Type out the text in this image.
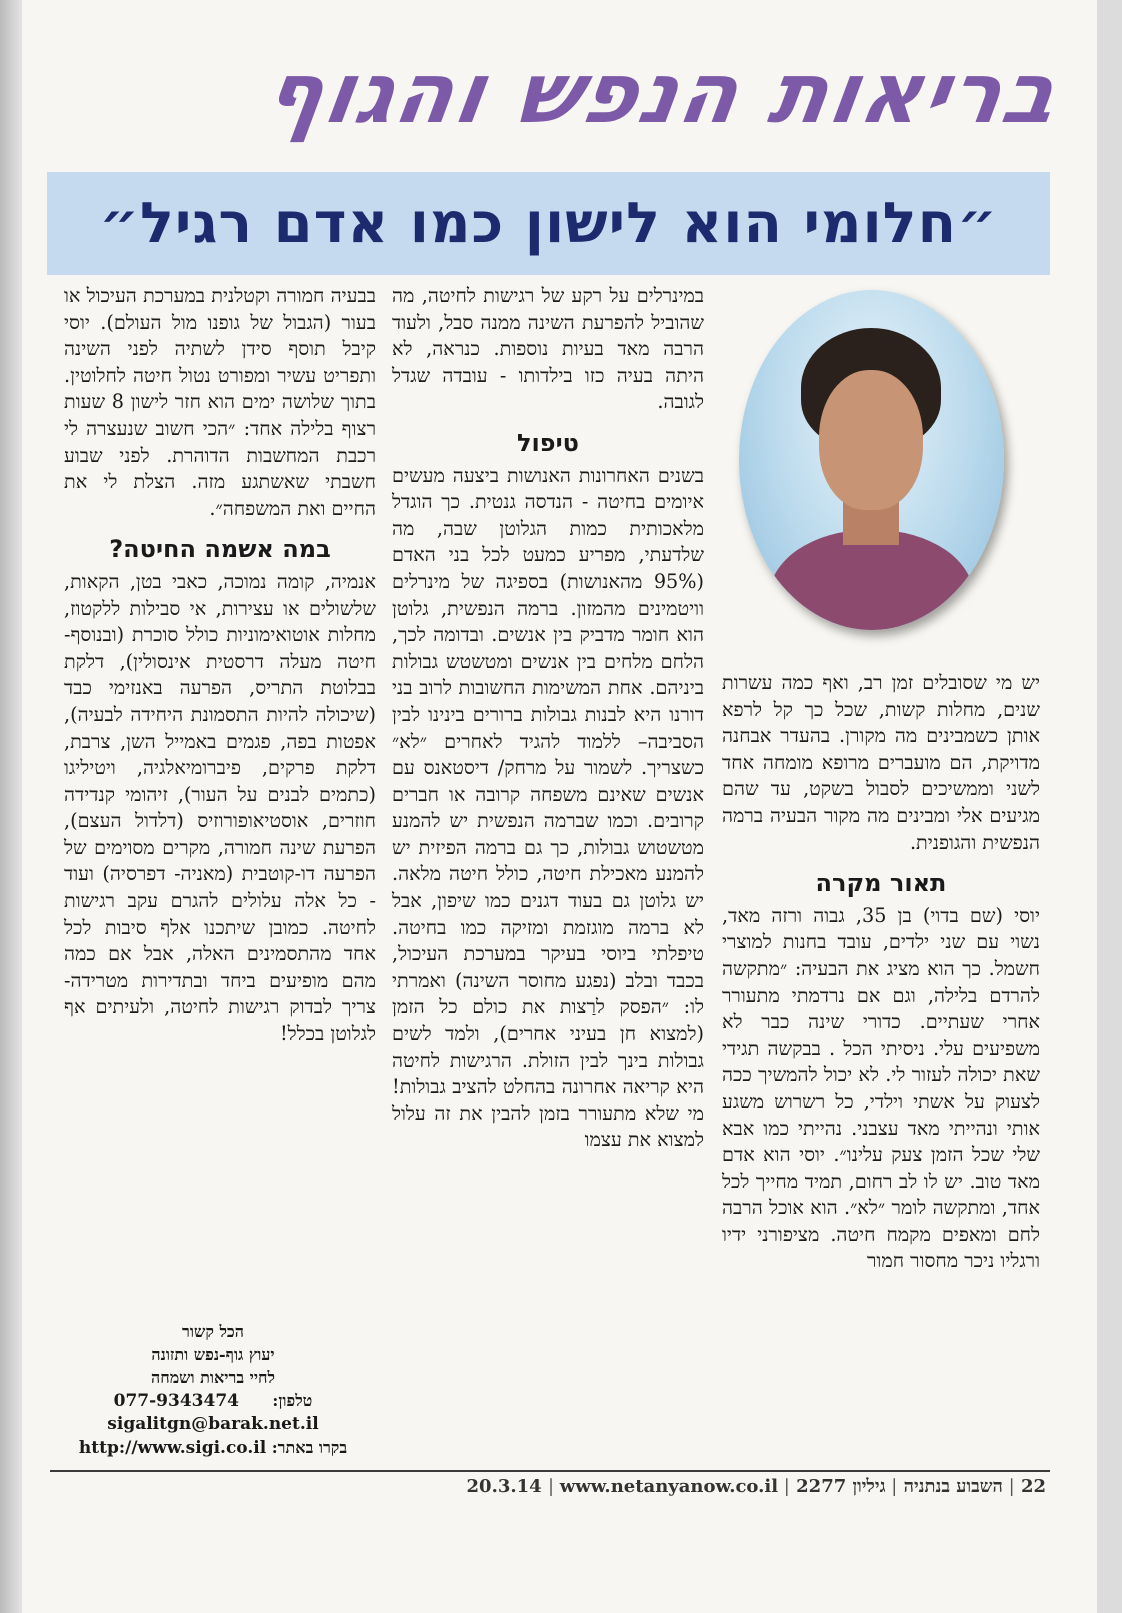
בריאות הנפש והגוף
״חלומי הוא לישון כמו אדם רגיל״

יש מי שסובלים זמן רב, ואף כמה עשרות שנים, מחלות קשות, שכל כך קל לרפא אותן כשמבינים מה מקורן. בהעדר אבחנה מדויקת, הם מועברים מרופא מומחה אחד לשני וממשיכים לסבול בשקט, עד שהם מגיעים אלי ומבינים מה מקור הבעיה ברמה הנפשית והגופנית.

תאור מקרה

יוסי (שם בדוי) בן 35, גבוה ורזה מאד, נשוי עם שני ילדים, עובד בחנות למוצרי חשמל. כך הוא מציג את הבעיה: ״מתקשה להרדם בלילה, וגם אם נרדמתי מתעורר אחרי שעתיים. כדורי שינה כבר לא משפיעים עלי. ניסיתי הכל . בבקשה תגידי שאת יכולה לעזור לי. לא יכול להמשיך ככה לצעוק על אשתי וילדי, כל רשרוש משגע אותי ונהייתי מאד עצבני. נהייתי כמו אבא שלי שכל הזמן צעק עלינו״. יוסי הוא אדם מאד טוב. יש לו לב רחום, תמיד מחייך לכל אחד, ומתקשה לומר ״לא״. הוא אוכל הרבה לחם ומאפים מקמח חיטה. מציפורני ידיו ורגליו ניכר מחסור חמור

במינרלים על רקע של רגישות לחיטה, מה שהוביל להפרעת השינה ממנה סבל, ולעוד הרבה מאד בעיות נוספות. כנראה, לא היתה בעיה כזו בילדותו - עובדה שגדל לגובה.

טיפול

בשנים האחרונות האנושות ביצעה מעשים איומים בחיטה - הנדסה גנטית. כך הוגדל מלאכותית כמות הגלוטן שבה, מה שלדעתי, מפריע כמעט לכל בני האדם (95% מהאנושות) בספיגה של מינרלים וויטמינים מהמזון. ברמה הנפשית, גלוטן הוא חומר מדביק בין אנשים. ובדומה לכך, הלחם מלחים בין אנשים ומטשטש גבולות ביניהם. אחת המשימות החשובות לרוב בני דורנו היא לבנות גבולות ברורים בינינו לבין הסביבה– ללמוד להגיד לאחרים ״לא״ כשצריך. לשמור על מרחק/ דיסטאנס עם אנשים שאינם משפחה קרובה או חברים קרובים. וכמו שברמה הנפשית יש להמנע מטשטוש גבולות, כך גם ברמה הפיזית יש להמנע מאכילת חיטה, כולל חיטה מלאה. יש גלוטן גם בעוד דגנים כמו שיפון, אבל לא ברמה מוגזמת ומזיקה כמו בחיטה. טיפלתי ביוסי בעיקר במערכת העיכול, בכבד ובלב (נפגע מחוסר השינה) ואמרתי לו: ״הפסק לרַצות את כולם כל הזמן (למצוא חן בעיני אחרים), ולמד לשים גבולות בינך לבין הזולת. הרגישות לחיטה היא קריאה אחרונה בהחלט להציב גבולות! מי שלא מתעורר בזמן להבין את זה עלול למצוא את עצמו

בבעיה חמורה וקטלנית במערכת העיכול או בעור (הגבול של גופנו מול העולם). יוסי קיבל תוסף סידן לשתיה לפני השינה ותפריט עשיר ומפורט נטול חיטה לחלוטין. בתוך שלושה ימים הוא חזר לישון 8 שעות רצוף בלילה אחד: ״הכי חשוב שנעצרה לי רכבת המחשבות הדוהרת. לפני שבוע חשבתי שאשתגע מזה. הצלת לי את החיים ואת המשפחה״.

במה אשמה החיטה?

אנמיה, קומה נמוכה, כאבי בטן, הקאות, שלשולים או עצירות, אי סבילות ללקטוז, מחלות אוטואימוניות כולל סוכרת (ובנוסף- חיטה מעלה דרסטית אינסולין), דלקת בבלוטת התריס, הפרעה באנזימי כבד (שיכולה להיות התסמונת היחידה לבעיה), אפטות בפה, פגמים באמייל השן, צרבת, דלקת פרקים, פיברומיאלגיה, ויטיליגו (כתמים לבנים על העור), זיהומי קנדידה חוזרים, אוסטיאופורוזיס (דלדול העצם), הפרעת שינה חמורה, מקרים מסוימים של הפרעה דו-קוטבית (מאניה- דפרסיה) ועוד - כל אלה עלולים להגרם עקב רגישות לחיטה. כמובן שיתכנו אלף סיבות לכל אחד מהתסמינים האלה, אבל אם כמה מהם מופיעים ביחד ובתדירות מטרידה- צריך לבדוק רגישות לחיטה, ולעיתים אף לגלוטן בכלל!

הכל קשור
יעוץ גוף-נפש ותזונה
לחיי בריאות ושמחה
טלפון:      077-9343474
sigalitgn@barak.net.il
בקרו באתר: http://www.sigi.co.il
22 | השבוע בנתניה | גיליון 2277 | 20.3.14 | www.netanyanow.co.il
